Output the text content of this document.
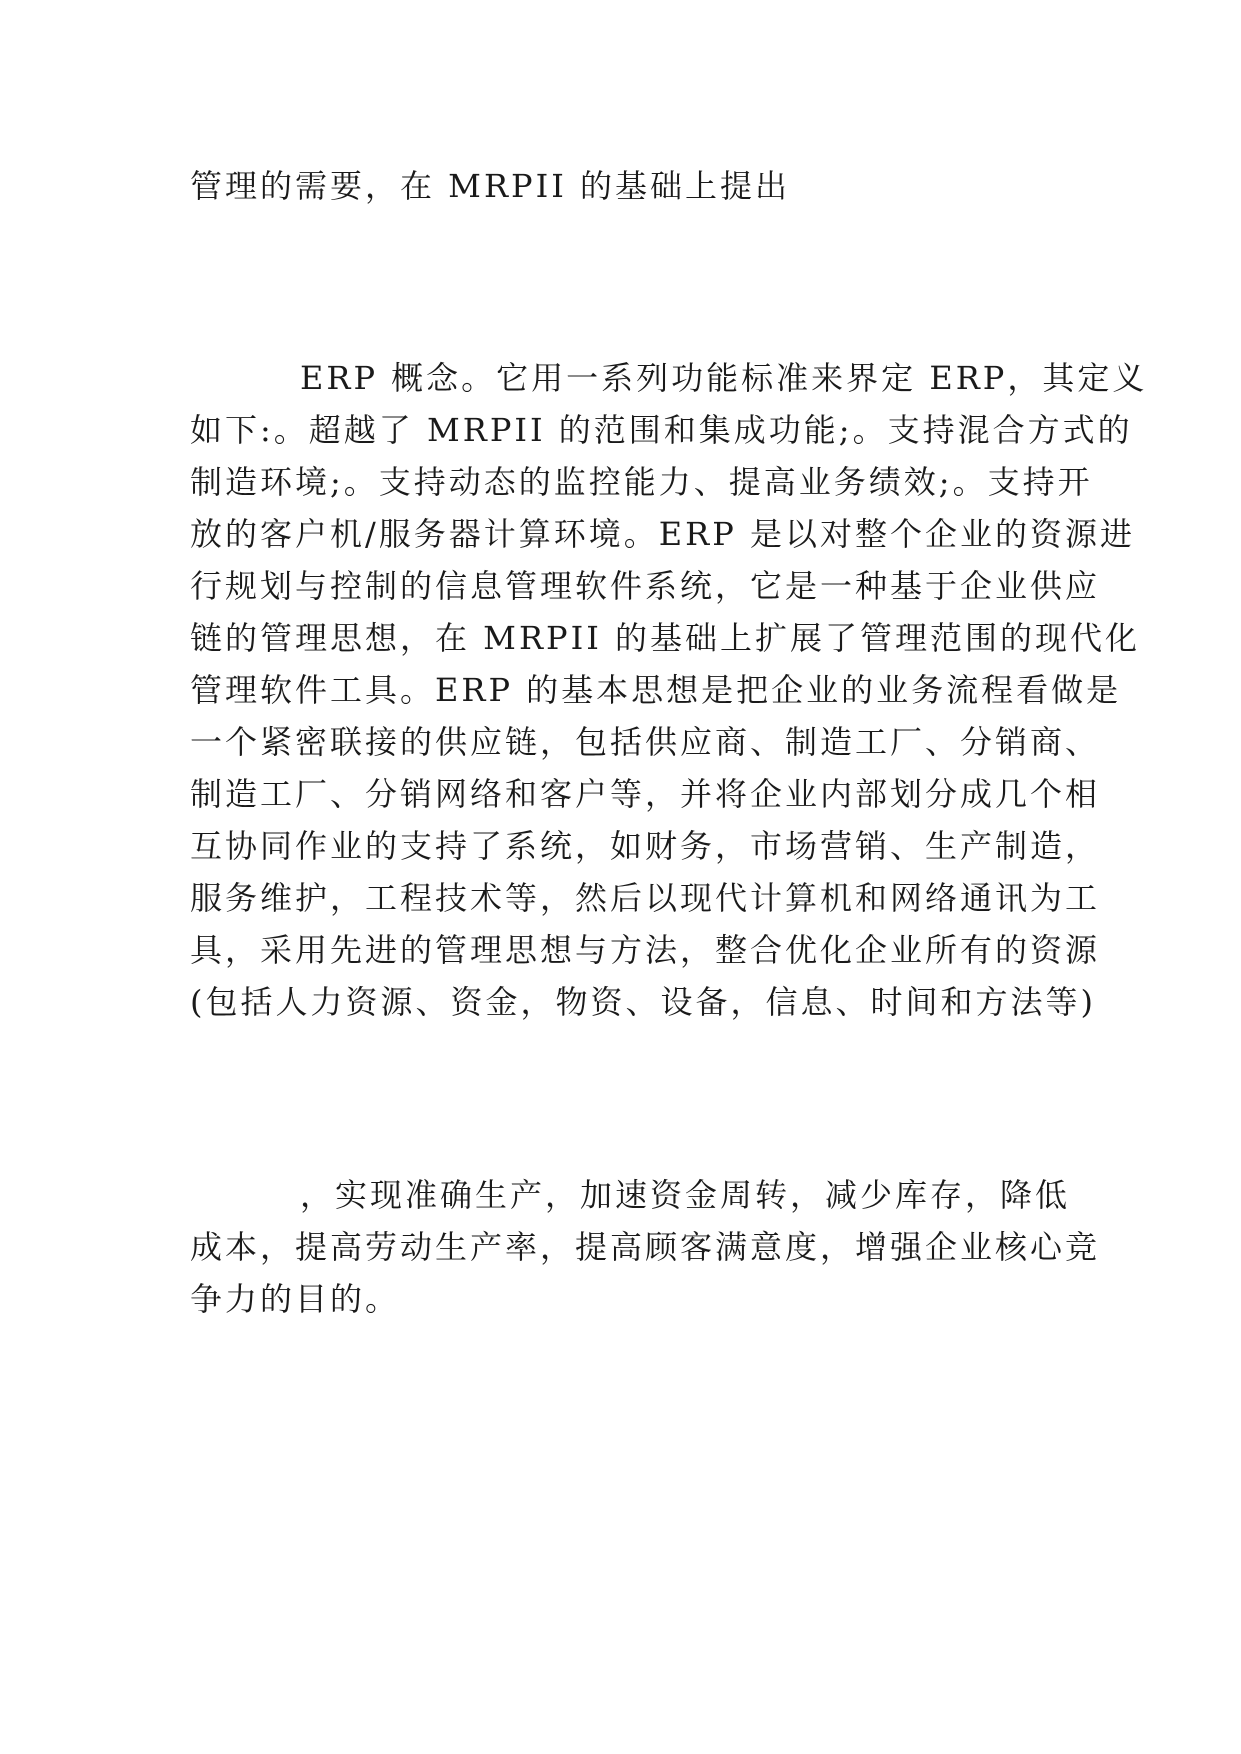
管理的需要，在 MRPII 的基础上提出
ERP 概念。它用一系列功能标准来界定 ERP，其定义
如下:。超越了 MRPII 的范围和集成功能;。支持混合方式的
制造环境;。支持动态的监控能力、提高业务绩效;。支持开
放的客户机/服务器计算环境。ERP 是以对整个企业的资源进
行规划与控制的信息管理软件系统，它是一种基于企业供应
链的管理思想，在 MRPII 的基础上扩展了管理范围的现代化
管理软件工具。ERP 的基本思想是把企业的业务流程看做是
一个紧密联接的供应链，包括供应商、制造工厂、分销商、
制造工厂、分销网络和客户等，并将企业内部划分成几个相
互协同作业的支持了系统，如财务，市场营销、生产制造，
服务维护，工程技术等，然后以现代计算机和网络通讯为工
具，采用先进的管理思想与方法，整合优化企业所有的资源
(包括人力资源、资金，物资、设备，信息、时间和方法等)
，实现准确生产，加速资金周转，减少库存，降低
成本，提高劳动生产率，提高顾客满意度，增强企业核心竞
争力的目的。
